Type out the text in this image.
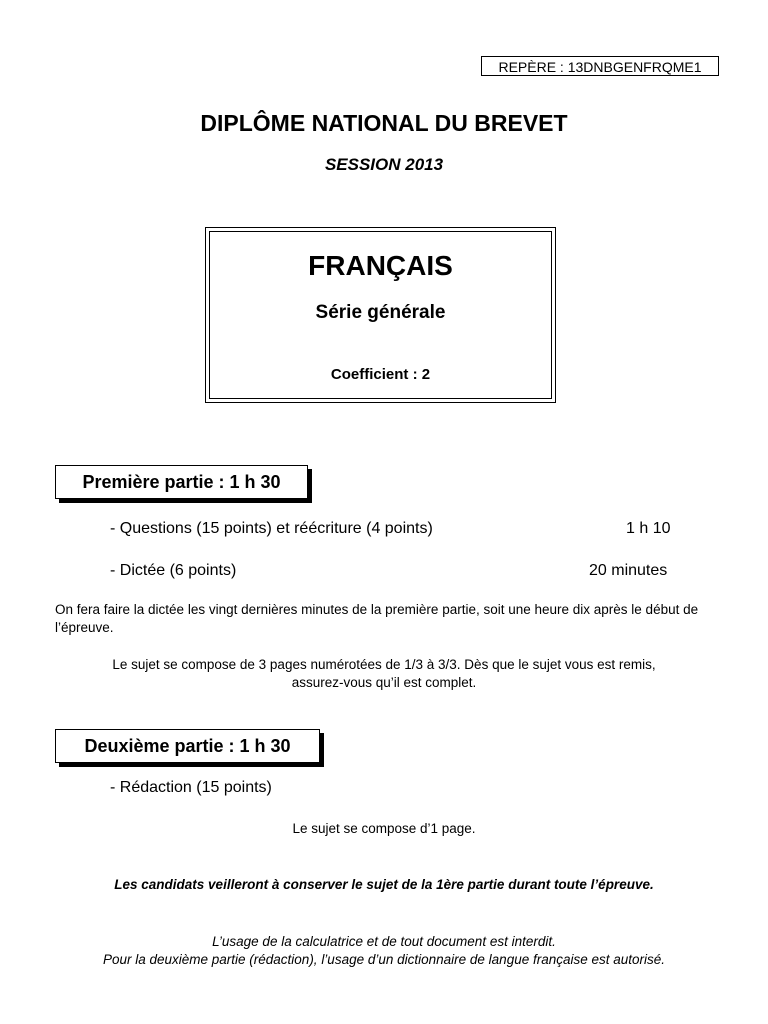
REPÈRE : 13DNBGENFRQME1
DIPLÔME NATIONAL DU BREVET
SESSION 2013
FRANÇAIS
Série générale
Coefficient : 2
Première partie : 1 h 30
- Questions (15 points) et réécriture (4 points)	1 h 10
- Dictée (6 points)	20 minutes
On fera faire la dictée les vingt dernières minutes de la première partie, soit une heure dix après le début de l’épreuve.
Le sujet se compose de 3 pages numérotées de 1/3 à 3/3. Dès que le sujet vous est remis,
assurez-vous qu’il est complet.
Deuxième partie : 1 h 30
- Rédaction (15 points)
Le sujet se compose d’1 page.
Les candidats veilleront à conserver le sujet de la 1ère partie durant toute l’épreuve.
L’usage de la calculatrice et de tout document est interdit.
Pour la deuxième partie (rédaction), l’usage d’un dictionnaire de langue française est autorisé.
